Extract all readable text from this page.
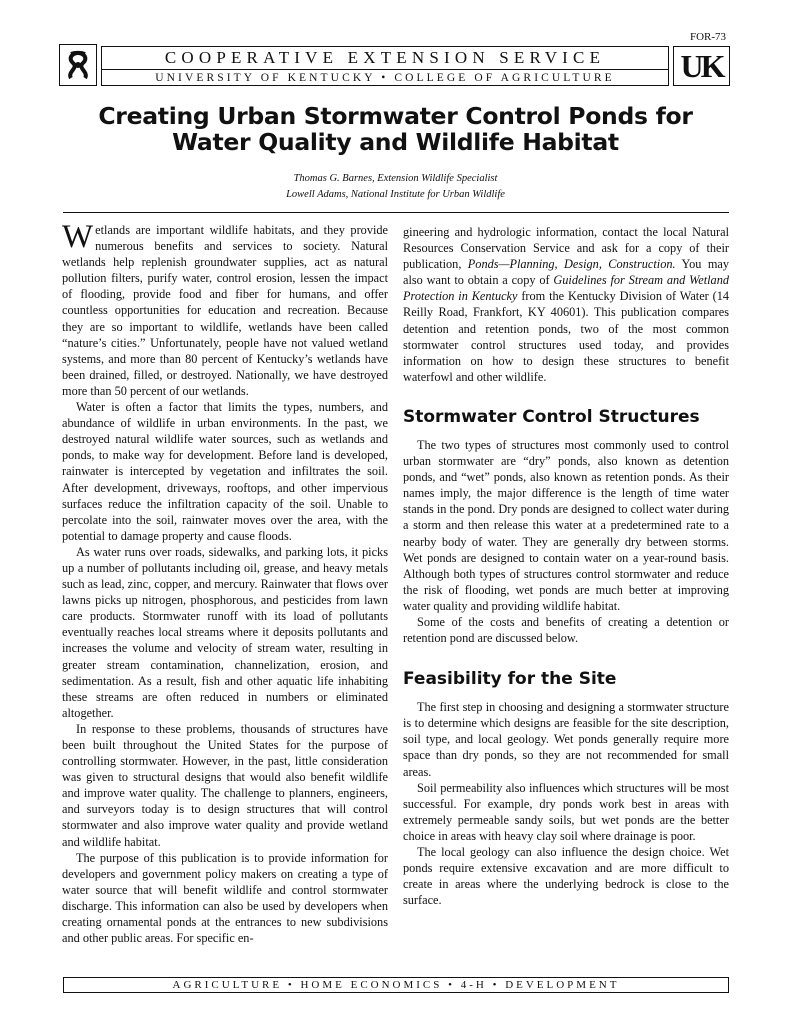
FOR-73
COOPERATIVE EXTENSION SERVICE
UNIVERSITY OF KENTUCKY • COLLEGE OF AGRICULTURE	UK
Creating Urban Stormwater Control Ponds for
Water Quality and Wildlife Habitat
Thomas G. Barnes, Extension Wildlife Specialist
Lowell Adams, National Institute for Urban Wildlife

Wetlands are important wildlife habitats, and they provide numerous benefits and services to society. Natural wetlands help replenish groundwater supplies, act as natural pollution filters, purify water, control erosion, lessen the impact of flooding, provide food and fiber for humans, and offer countless opportunities for education and recreation. Because they are so important to wildlife, wetlands have been called “nature’s cities.” Unfortunately, people have not valued wetland systems, and more than 80 percent of Kentucky’s wetlands have been drained, filled, or destroyed. Nationally, we have destroyed more than 50 percent of our wetlands.

Water is often a factor that limits the types, numbers, and abundance of wildlife in urban environments. In the past, we destroyed natural wildlife water sources, such as wetlands and ponds, to make way for development. Before land is developed, rainwater is intercepted by vegetation and infiltrates the soil. After development, driveways, rooftops, and other impervious surfaces reduce the infiltration capacity of the soil. Unable to percolate into the soil, rainwater moves over the area, with the potential to damage property and cause floods.

As water runs over roads, sidewalks, and parking lots, it picks up a number of pollutants including oil, grease, and heavy metals such as lead, zinc, copper, and mercury. Rainwater that flows over lawns picks up nitrogen, phosphorous, and pesticides from lawn care products. Stormwater runoff with its load of pollutants eventually reaches local streams where it deposits pollutants and increases the volume and velocity of stream water, resulting in greater stream contamination, channelization, erosion, and sedimentation. As a result, fish and other aquatic life inhabiting these streams are often reduced in numbers or eliminated altogether.

In response to these problems, thousands of structures have been built throughout the United States for the purpose of controlling stormwater. However, in the past, little consideration was given to structural designs that would also benefit wildlife and improve water quality. The challenge to planners, engineers, and surveyors today is to design structures that will control stormwater and also improve water quality and provide wetland and wildlife habitat.

The purpose of this publication is to provide information for developers and government policy makers on creating a type of water source that will benefit wildlife and control stormwater discharge. This information can also be used by developers when creating ornamental ponds at the entrances to new subdivisions and other public areas. For specific en-

gineering and hydrologic information, contact the local Natural Resources Conservation Service and ask for a copy of their publication, Ponds—Planning, Design, Construction. You may also want to obtain a copy of Guidelines for Stream and Wetland Protection in Kentucky from the Kentucky Division of Water (14 Reilly Road, Frankfort, KY 40601). This publication compares detention and retention ponds, two of the most common stormwater control structures used today, and provides information on how to design these structures to benefit waterfowl and other wildlife.

Stormwater Control Structures

The two types of structures most commonly used to control urban stormwater are “dry” ponds, also known as detention ponds, and “wet” ponds, also known as retention ponds. As their names imply, the major difference is the length of time water stands in the pond. Dry ponds are designed to collect water during a storm and then release this water at a predetermined rate to a nearby body of water. They are generally dry between storms. Wet ponds are designed to contain water on a year-round basis. Although both types of structures control stormwater and reduce the risk of flooding, wet ponds are much better at improving water quality and providing wildlife habitat.

Some of the costs and benefits of creating a detention or retention pond are discussed below.

Feasibility for the Site

The first step in choosing and designing a stormwater structure is to determine which designs are feasible for the site description, soil type, and local geology. Wet ponds generally require more space than dry ponds, so they are not recommended for small areas.

Soil permeability also influences which structures will be most successful. For example, dry ponds work best in areas with extremely permeable sandy soils, but wet ponds are the better choice in areas with heavy clay soil where drainage is poor.

The local geology can also influence the design choice. Wet ponds require extensive excavation and are more difficult to create in areas where the underlying bedrock is close to the surface.

AGRICULTURE • HOME ECONOMICS • 4-H • DEVELOPMENT
